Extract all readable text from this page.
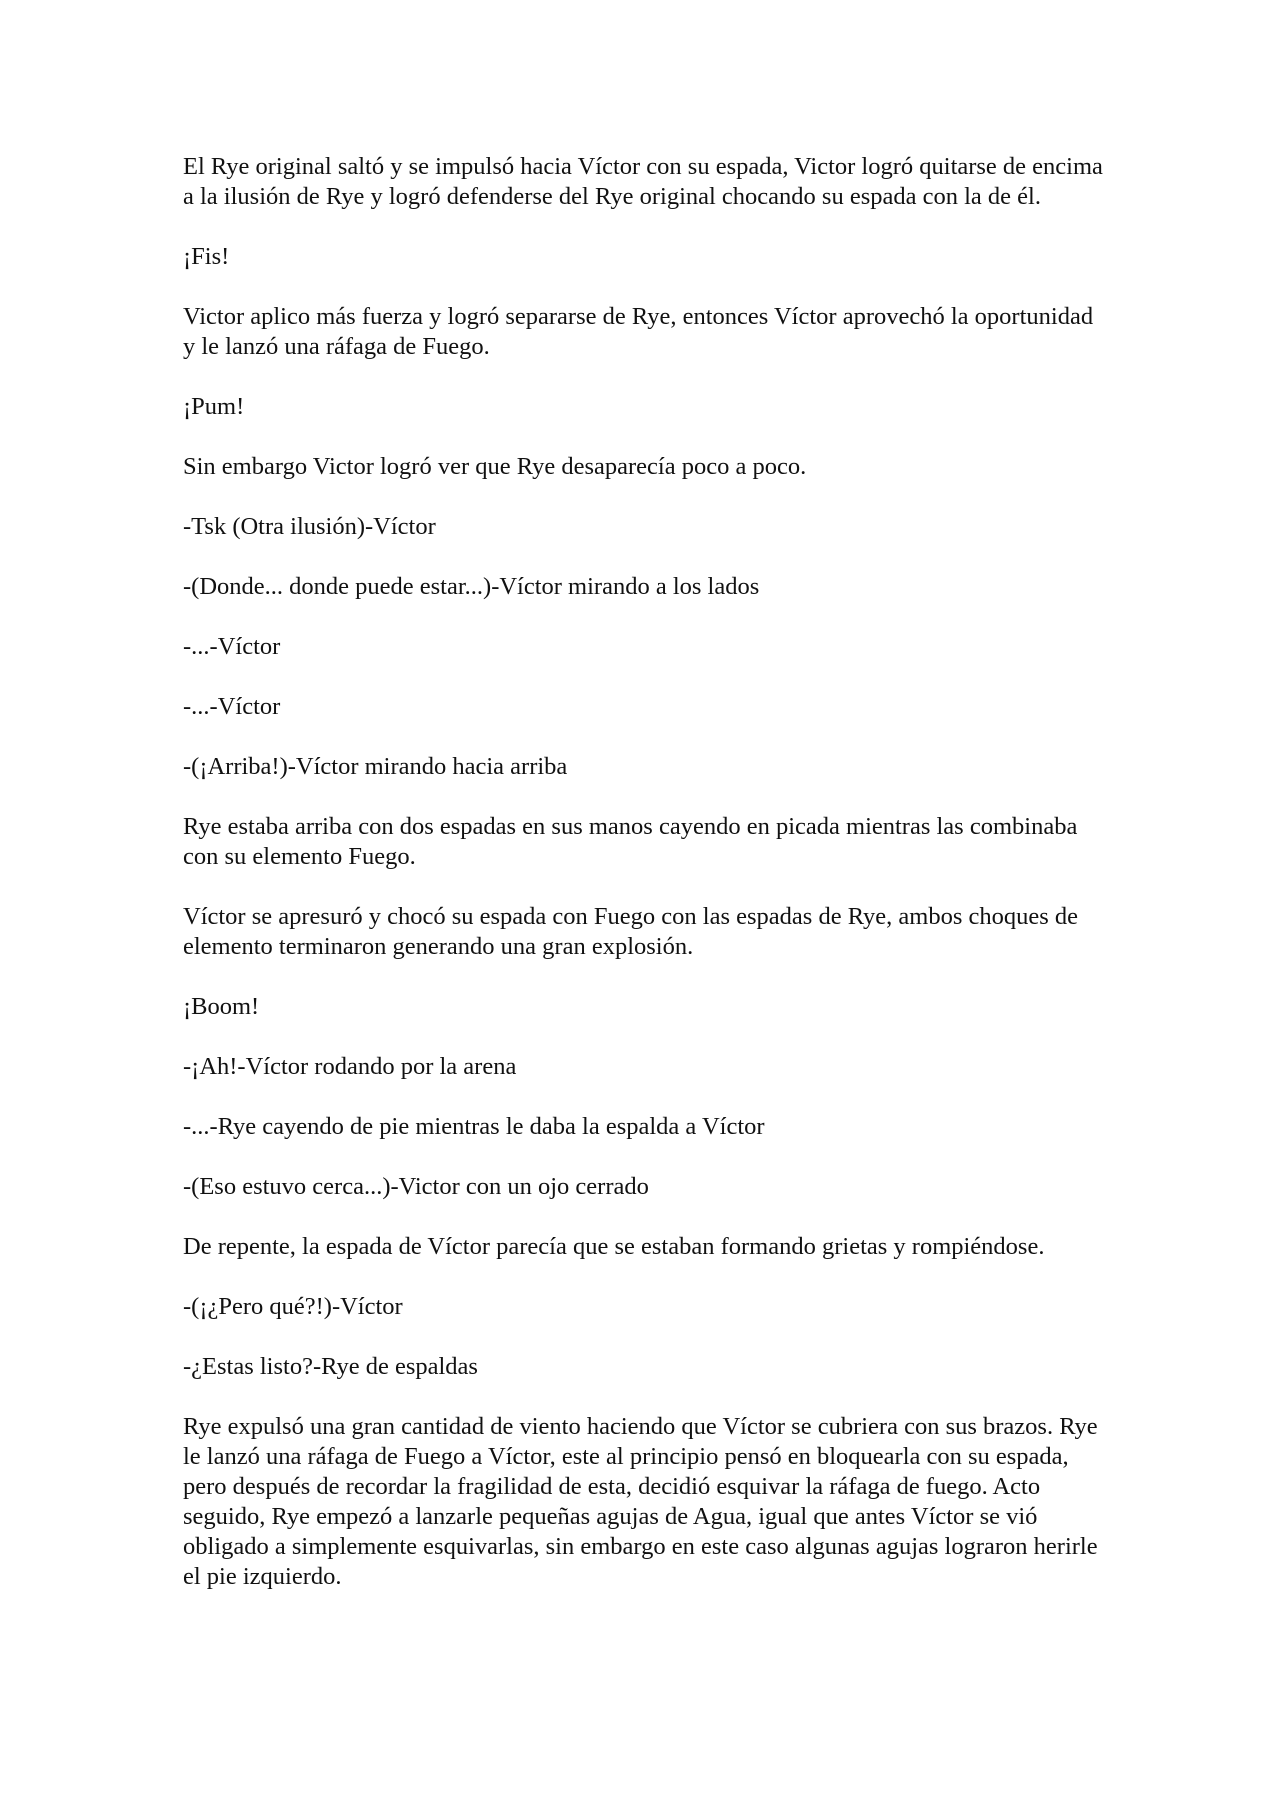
El Rye original saltó y se impulsó hacia Víctor con su espada, Victor logró quitarse de encima a la ilusión de Rye y logró defenderse del Rye original chocando su espada con la de él.

¡Fis!

Victor aplico más fuerza y logró separarse de Rye, entonces Víctor aprovechó la oportunidad y le lanzó una ráfaga de Fuego.

¡Pum!

Sin embargo Victor logró ver que Rye desaparecía poco a poco.

-Tsk (Otra ilusión)-Víctor

-(Donde... donde puede estar...)-Víctor mirando a los lados

-...-Víctor

-...-Víctor

-(¡Arriba!)-Víctor mirando hacia arriba

Rye estaba arriba con dos espadas en sus manos cayendo en picada mientras las combinaba con su elemento Fuego.

Víctor se apresuró y chocó su espada con Fuego con las espadas de Rye, ambos choques de elemento terminaron generando una gran explosión.

¡Boom!

-¡Ah!-Víctor rodando por la arena

-...-Rye cayendo de pie mientras le daba la espalda a Víctor

-(Eso estuvo cerca...)-Victor con un ojo cerrado

De repente, la espada de Víctor parecía que se estaban formando grietas y rompiéndose.

-(¡¿Pero qué?!)-Víctor

-¿Estas listo?-Rye de espaldas

Rye expulsó una gran cantidad de viento haciendo que Víctor se cubriera con sus brazos. Rye le lanzó una ráfaga de Fuego a Víctor, este al principio pensó en bloquearla con su espada, pero después de recordar la fragilidad de esta, decidió esquivar la ráfaga de fuego. Acto seguido, Rye empezó a lanzarle pequeñas agujas de Agua, igual que antes Víctor se vió obligado a simplemente esquivarlas, sin embargo en este caso algunas agujas lograron herirle el pie izquierdo.
